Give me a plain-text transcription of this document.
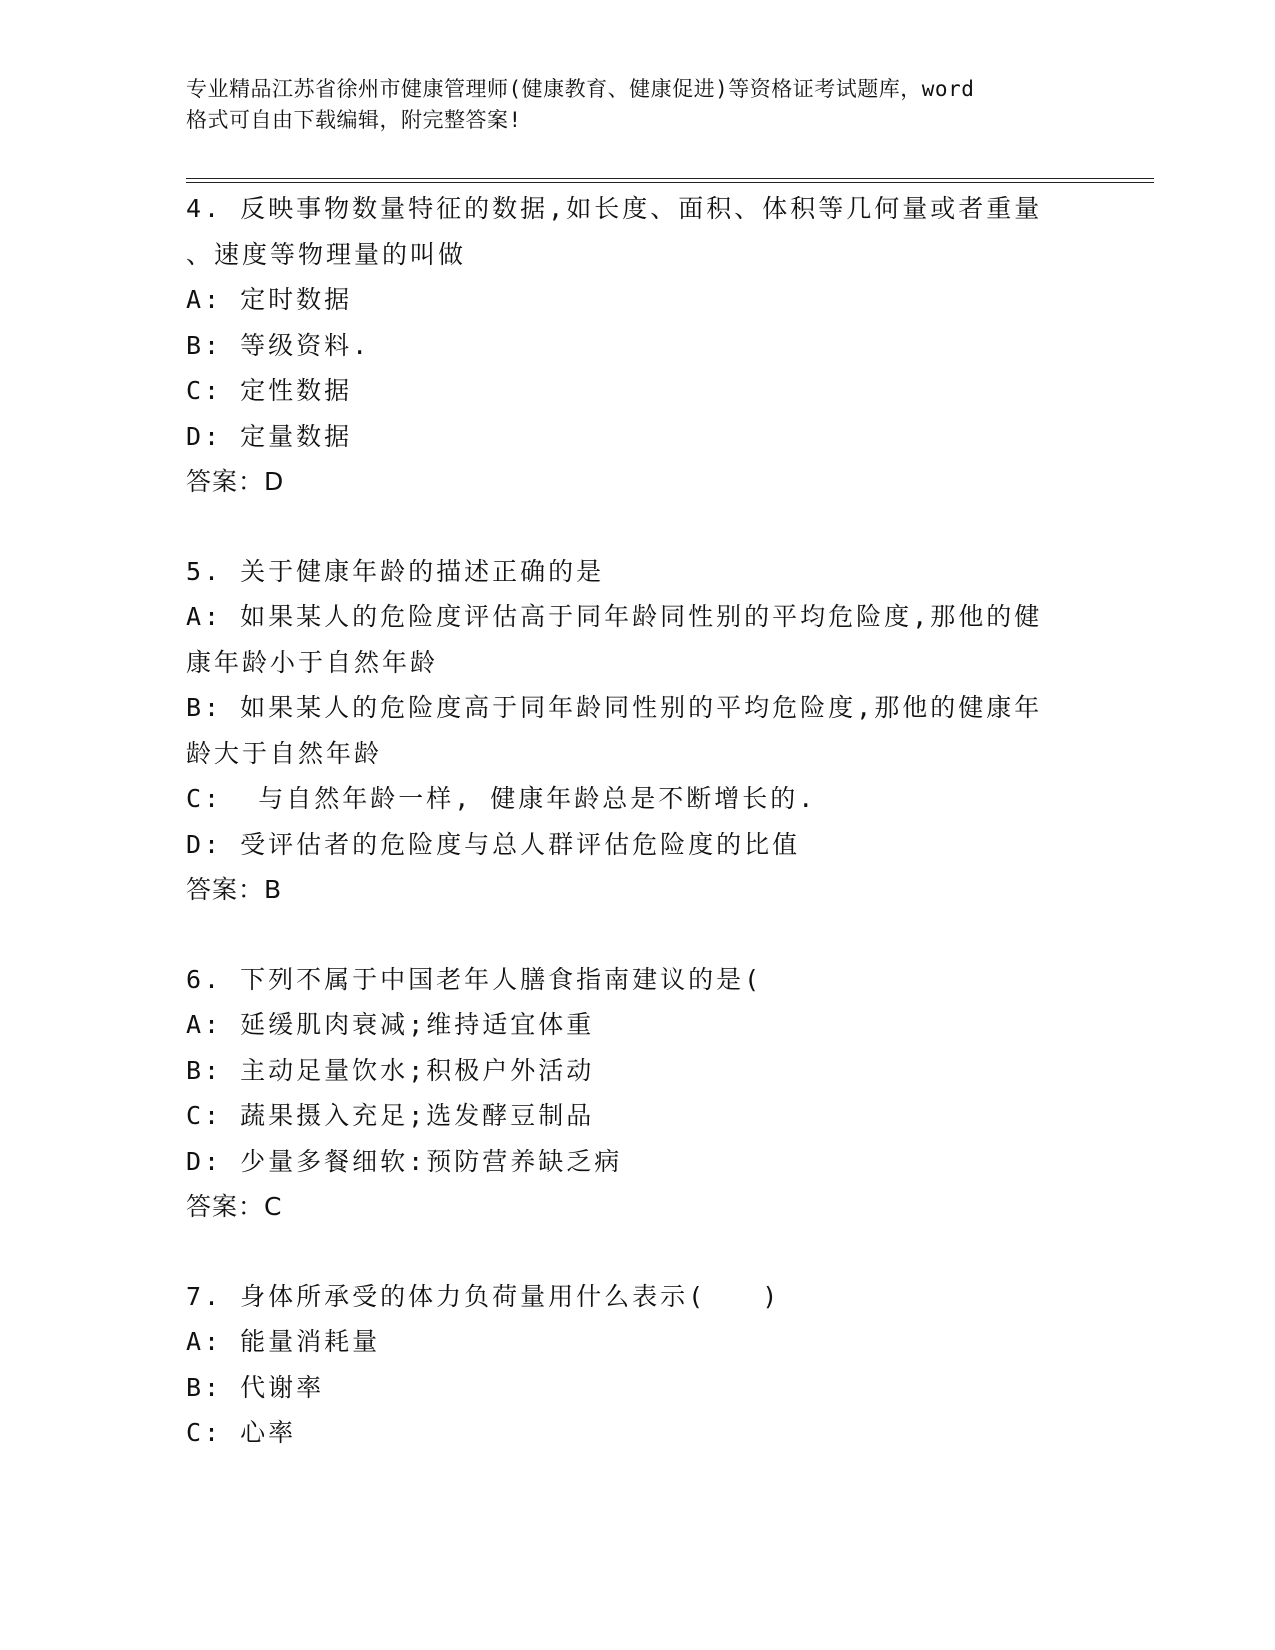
专业精品江苏省徐州市健康管理师(健康教育、健康促进)等资格证考试题库，word
格式可自由下载编辑，附完整答案!
4. 反映事物数量特征的数据,如长度、面积、体积等几何量或者重量
、速度等物理量的叫做
A: 定时数据
B: 等级资料.
C: 定性数据
D: 定量数据
答案：D
5. 关于健康年龄的描述正确的是
A: 如果某人的危险度评估高于同年龄同性别的平均危险度,那他的健
康年龄小于自然年龄
B: 如果某人的危险度高于同年龄同性别的平均危险度,那他的健康年
龄大于自然年龄
C:  与自然年龄一样, 健康年龄总是不断增长的.
D: 受评估者的危险度与总人群评估危险度的比值
答案：B
6. 下列不属于中国老年人膳食指南建议的是(
A: 延缓肌肉衰减;维持适宜体重
B: 主动足量饮水;积极户外活动
C: 蔬果摄入充足;选发酵豆制品
D: 少量多餐细软:预防营养缺乏病
答案：C
7. 身体所承受的体力负荷量用什么表示(　　)
A: 能量消耗量
B: 代谢率
C: 心率
